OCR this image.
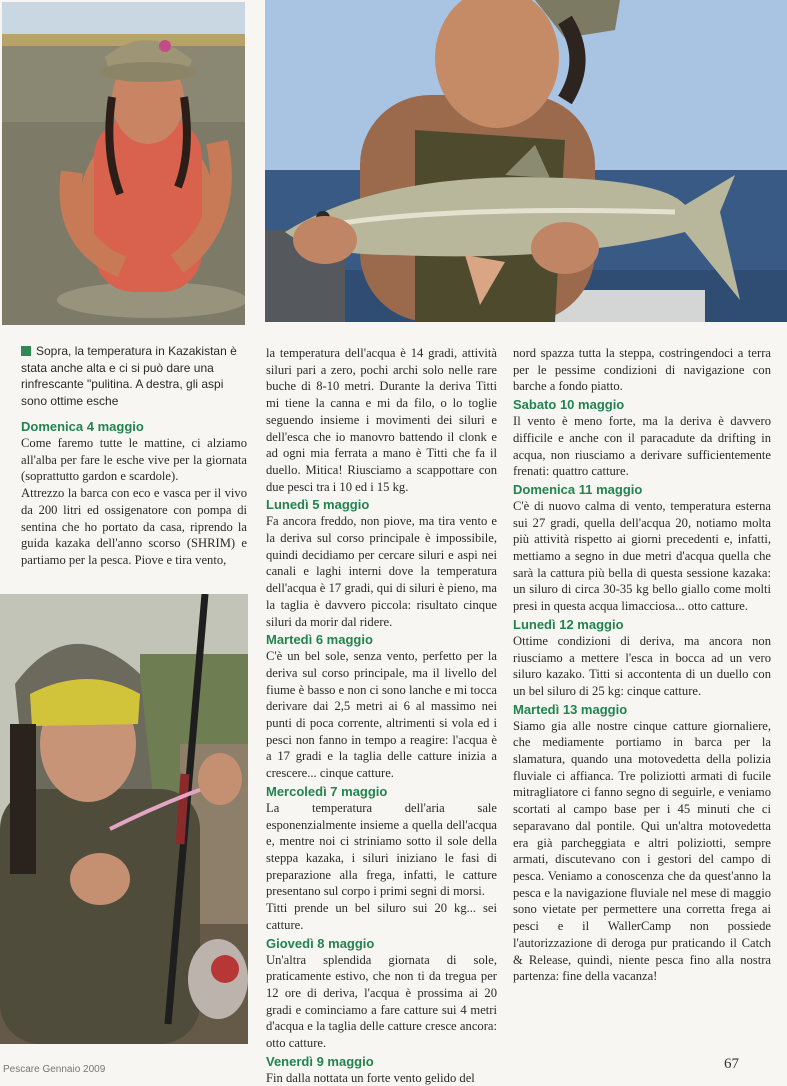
Sopra, la temperatura in Kazakistan è stata anche alta e ci si può dare una rinfrescante "pulitina. A destra, gli aspi sono ottime esche

Domenica 4 maggio

Come faremo tutte le mattine, ci alziamo all'alba per fare le esche vive per la giornata (soprattutto gardon e scardole).

Attrezzo la barca con eco e vasca per il vivo da 200 litri ed ossigenatore con pompa di sentina che ho portato da casa, riprendo la guida kazaka dell'anno scorso (SHRIM) e partiamo per la pesca. Piove e tira vento,

la temperatura dell'acqua è 14 gradi, attività siluri pari a zero, pochi archi solo nelle rare buche di 8-10 metri. Durante la deriva Titti mi tiene la canna e mi da filo, o lo toglie seguendo insieme i movimenti dei siluri e dell'esca che io manovro battendo il clonk e ad ogni mia ferrata a mano è Titti che fa il duello. Mitica! Riusciamo a scappottare con due pesci tra i 10 ed i 15 kg.

Lunedì 5 maggio

Fa ancora freddo, non piove, ma tira vento e la deriva sul corso principale è impossibile, quindi decidiamo per cercare siluri e aspi nei canali e laghi interni dove la temperatura dell'acqua è 17 gradi, qui di siluri è pieno, ma la taglia è davvero piccola: risultato cinque siluri da morir dal ridere.

Martedì 6 maggio

C'è un bel sole, senza vento, perfetto per la deriva sul corso principale, ma il livello del fiume è basso e non ci sono lanche e mi tocca derivare dai 2,5 metri ai 6 al massimo nei punti di poca corrente, altrimenti si vola ed i pesci non fanno in tempo a reagire: l'acqua è a 17 gradi e la taglia delle catture inizia a crescere... cinque catture.

Mercoledì 7 maggio

La temperatura dell'aria sale esponenzialmente insieme a quella dell'acqua e, mentre noi ci striniamo sotto il sole della steppa kazaka, i siluri iniziano le fasi di preparazione alla frega, infatti, le catture presentano sul corpo i primi segni di morsi.

Titti prende un bel siluro sui 20 kg... sei catture.

Giovedì 8 maggio

Un'altra splendida giornata di sole, praticamente estivo, che non ti da tregua per 12 ore di deriva, l'acqua è prossima ai 20 gradi e cominciamo a fare catture sui 4 metri d'acqua e la taglia delle catture cresce ancora: otto catture.

Venerdì 9 maggio

Fin dalla nottata un forte vento gelido del

nord spazza tutta la steppa, costringendoci a terra per le pessime condizioni di navigazione con barche a fondo piatto.

Sabato 10 maggio

Il vento è meno forte, ma la deriva è davvero difficile e anche con il paracadute da drifting in acqua, non riusciamo a derivare sufficientemente frenati: quattro catture.

Domenica 11 maggio

C'è di nuovo calma di vento, temperatura esterna sui 27 gradi, quella dell'acqua 20, notiamo molta più attività rispetto ai giorni precedenti e, infatti, mettiamo a segno in due metri d'acqua quella che sarà la cattura più bella di questa sessione kazaka: un siluro di circa 30-35 kg bello giallo come molti presi in questa acqua limacciosa... otto catture.

Lunedì 12 maggio

Ottime condizioni di deriva, ma ancora non riusciamo a mettere l'esca in bocca ad un vero siluro kazako. Titti si accontenta di un duello con un bel siluro di 25 kg: cinque catture.

Martedì 13 maggio

Siamo gia alle nostre cinque catture giornaliere, che mediamente portiamo in barca per la slamatura, quando una motovedetta della polizia fluviale ci affianca. Tre poliziotti armati di fucile mitragliatore ci fanno segno di seguirle, e veniamo scortati al campo base per i 45 minuti che ci separavano dal pontile. Qui un'altra motovedetta era già parcheggiata e altri poliziotti, sempre armati, discutevano con i gestori del campo di pesca. Veniamo a conoscenza che da quest'anno la pesca e la navigazione fluviale nel mese di maggio sono vietate per permettere una corretta frega ai pesci e il WallerCamp non possiede l'autorizzazione di deroga pur praticando il Catch & Release, quindi, niente pesca fino alla nostra partenza: fine della vacanza!

Pescare Gennaio 2009	67
